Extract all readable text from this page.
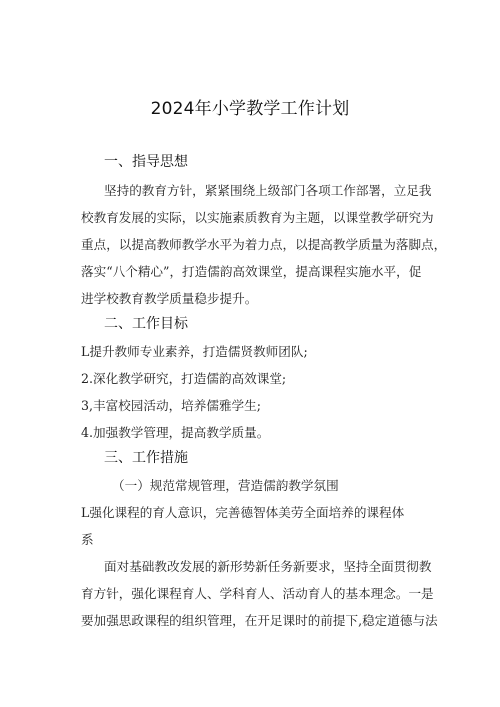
2024年小学教学工作计划
一、指导思想
坚持的教育方针，紧紧围绕上级部门各项工作部署，立足我
校教育发展的实际，以实施素质教育为主题，以课堂教学研究为
重点，以提高教师教学水平为着力点，以提高教学质量为落脚点，
落实“八个精心”，打造儒韵高效课堂，提高课程实施水平，促
进学校教育教学质量稳步提升。
二、工作目标
L提升教师专业素养，打造儒贤教师团队;
2.深化教学研究，打造儒韵高效课堂;
3,丰富校园活动，培养儒雅学生;
4.加强教学管理，提高教学质量。
三、工作措施
（一）规范常规管理，营造儒韵教学氛围
L强化课程的育人意识，完善德智体美劳全面培养的课程体
系
面对基础教改发展的新形势新任务新要求，坚持全面贯彻教
育方针，强化课程育人、学科育人、活动育人的基本理念。一是
要加强思政课程的组织管理，在开足课时的前提下,稳定道德与法
